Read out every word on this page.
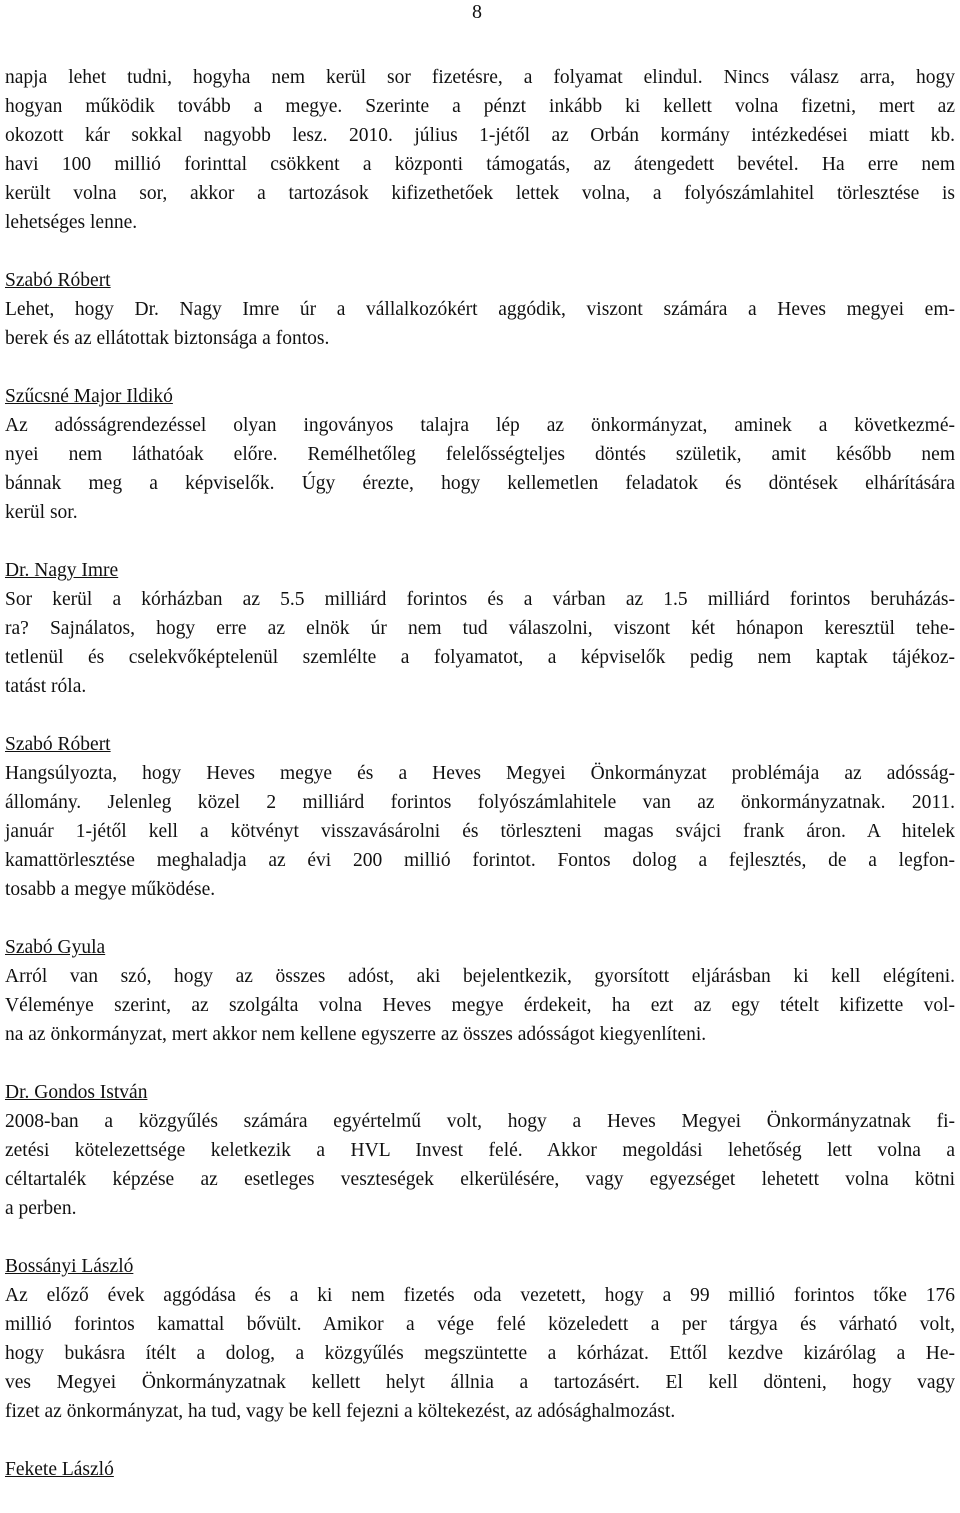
8

napja lehet tudni, hogyha nem kerül sor fizetésre, a folyamat elindul. Nincs válasz arra, hogy
hogyan működik tovább a megye. Szerinte a pénzt inkább ki kellett volna fizetni, mert az
okozott kár sokkal nagyobb lesz. 2010. július 1-jétől az Orbán kormány intézkedései miatt kb.
havi 100 millió forinttal csökkent a központi támogatás, az átengedett bevétel. Ha erre nem
került volna sor, akkor a tartozások kifizethetőek lettek volna, a folyószámlahitel törlesztése is
lehetséges lenne.

Szabó Róbert

Lehet, hogy Dr. Nagy Imre úr a vállalkozókért aggódik, viszont számára a Heves megyei em-
berek és az ellátottak biztonsága a fontos.

Szűcsné Major Ildikó

Az adósságrendezéssel olyan ingoványos talajra lép az önkormányzat, aminek a következmé-
nyei nem láthatóak előre. Remélhetőleg felelősségteljes döntés születik, amit később nem
bánnak meg a képviselők. Úgy érezte, hogy kellemetlen feladatok és döntések elhárítására
kerül sor.

Dr. Nagy Imre

Sor kerül a kórházban az 5.5 milliárd forintos és a várban az 1.5 milliárd forintos beruházás-
ra? Sajnálatos, hogy erre az elnök úr nem tud válaszolni, viszont két hónapon keresztül tehe-
tetlenül és cselekvőképtelenül szemlélte a folyamatot, a képviselők pedig nem kaptak tájékoz-
tatást róla.

Szabó Róbert

Hangsúlyozta, hogy Heves megye és a Heves Megyei Önkormányzat problémája az adósság-
állomány. Jelenleg közel 2 milliárd forintos folyószámlahitele van az önkormányzatnak. 2011.
január 1-jétől kell a kötvényt visszavásárolni és törleszteni magas svájci frank áron. A hitelek
kamattörlesztése meghaladja az évi 200 millió forintot. Fontos dolog a fejlesztés, de a legfon-
tosabb a megye működése.

Szabó Gyula

Arról van szó, hogy az összes adóst, aki bejelentkezik, gyorsított eljárásban ki kell elégíteni.
Véleménye szerint, az szolgálta volna Heves megye érdekeit, ha ezt az egy tételt kifizette vol-
na az önkormányzat, mert akkor nem kellene egyszerre az összes adósságot kiegyenlíteni.

Dr. Gondos István

2008-ban a közgyűlés számára egyértelmű volt, hogy a Heves Megyei Önkormányzatnak fi-
zetési kötelezettsége keletkezik a HVL Invest felé. Akkor megoldási lehetőség lett volna a
céltartalék képzése az esetleges veszteségek elkerülésére, vagy egyezséget lehetett volna kötni
a perben.

Bossányi László

Az előző évek aggódása és a ki nem fizetés oda vezetett, hogy a 99 millió forintos tőke 176
millió forintos kamattal bővült. Amikor a vége felé közeledett a per tárgya és várható volt,
hogy bukásra ítélt a dolog, a közgyűlés megszüntette a kórházat. Ettől kezdve kizárólag a He-
ves Megyei Önkormányzatnak kellett helyt állnia a tartozásért. El kell dönteni, hogy vagy
fizet az önkormányzat, ha tud, vagy be kell fejezni a költekezést, az adósághalmozást.

Fekete László
